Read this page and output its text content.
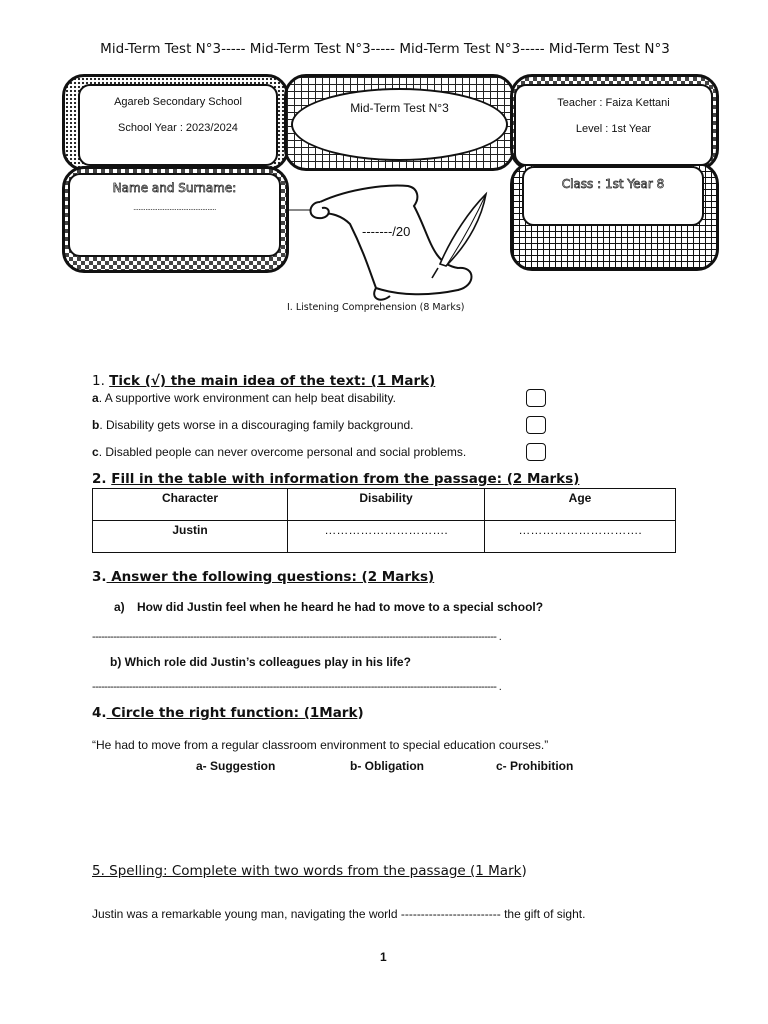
Mid-Term Test N°3----- Mid-Term Test N°3----- Mid-Term Test N°3----- Mid-Term Test N°3
Agareb Secondary School
School Year : 2023/2024
Mid-Term Test N°3	Teacher : Faiza Kettani
Level : 1st Year
Name and Surname:
................................................
Class : 1st Year 8
-------/20
I. Listening Comprehension (8 Marks)
1. Tick (√) the main idea of the text: (1 Mark)
a. A supportive work environment can help beat disability.
b. Disability gets worse in a discouraging family background.
c. Disabled people can never overcome personal and social problems.
2. Fill in the table with information from the passage: (2 Marks)
Character	Disability	Age
Justin	………………………….	………………………….
3. Answer the following questions: (2 Marks)
a) How did Justin feel when he heard he had to move to a special school?
------------------------------------------------------------------------------------------------------------------------------------ .
b) Which role did Justin’s colleagues play in his life?
------------------------------------------------------------------------------------------------------------------------------------ .
4. Circle the right function: (1Mark)
“He had to move from a regular classroom environment to special education courses.”
a- Suggestion	b- Obligation	c- Prohibition
5. Spelling: Complete with two words from the passage (1 Mark)
Justin was a remarkable young man, navigating the world ------------------------- the gift of sight.
1
